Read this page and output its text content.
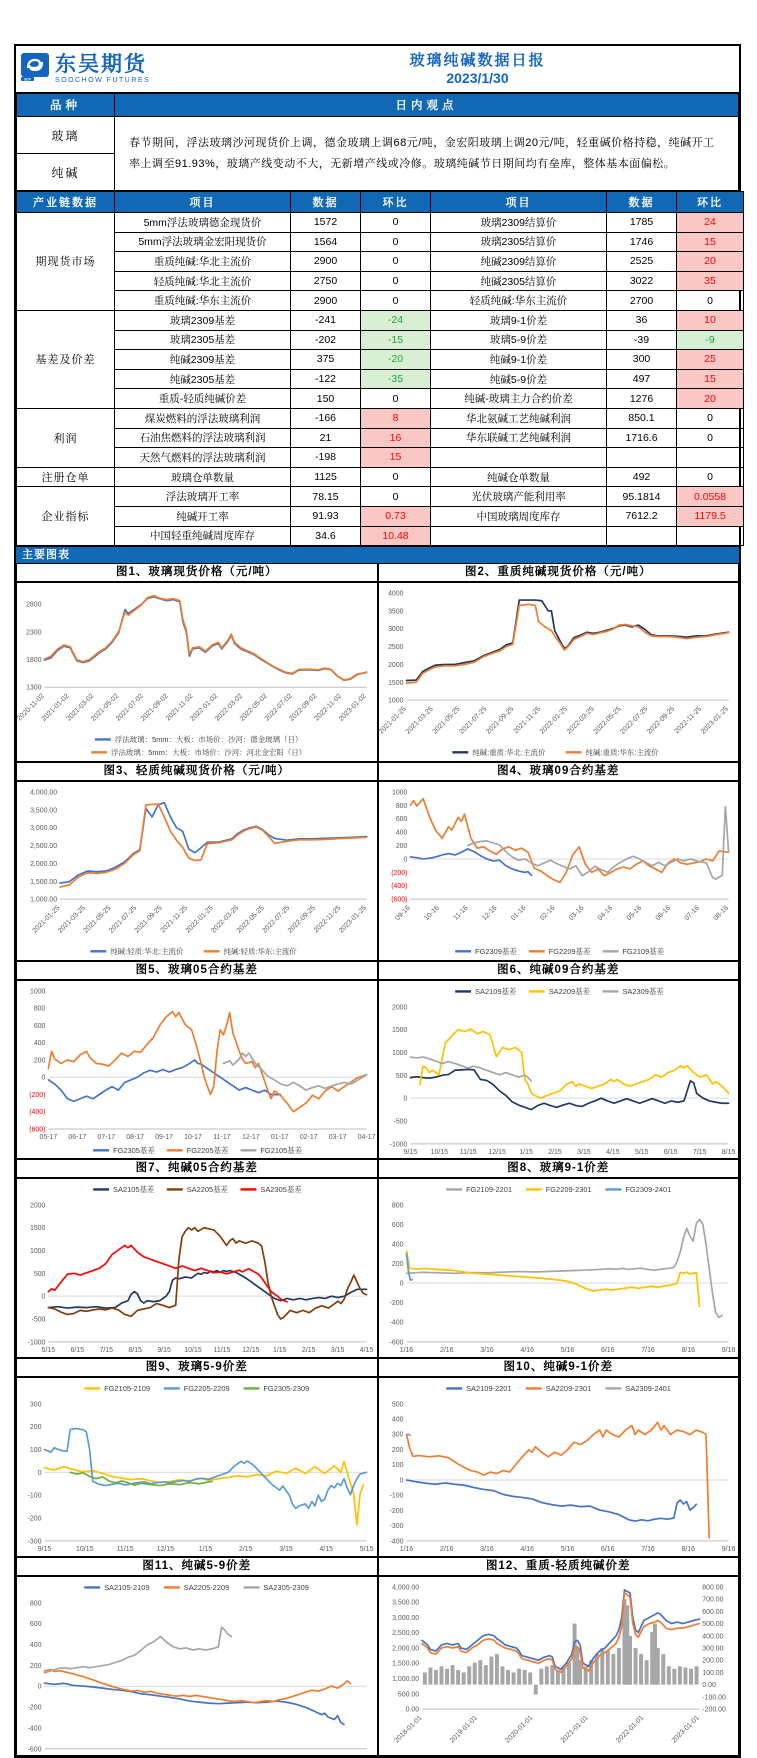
SCF
东吴期货
SOOCHOW FUTURES
玻璃纯碱数据日报
2023/1/30
品种	日内观点
玻璃	春节期间，浮法玻璃沙河现货价上调，德金玻璃上调68元/吨，金宏阳玻璃上调20元/吨，轻重碱价格持稳，纯碱开工率上调至91.93%，玻璃产线变动不大，无新增产线或冷修。玻璃纯碱节日期间均有垒库，整体基本面偏松。
纯碱	
产业链数据	项目	数据	环比	项目	数据	环比
期现货市场	5mm浮法玻璃德金现货价	1572	0	玻璃2309结算价	1785	24
	5mm浮法玻璃金宏阳现货价	1564	0	玻璃2305结算价	1746	15
	重质纯碱:华北主流价	2900	0	纯碱2309结算价	2525	20
	轻质纯碱:华北主流价	2750	0	纯碱2305结算价	3022	35
	重质纯碱:华东主流价	2900	0	轻质纯碱:华东主流价	2700	0
基差及价差	玻璃2309基差	-241	-24	玻璃9-1价差	36	10
	玻璃2305基差	-202	-15	玻璃5-9价差	-39	-9
	纯碱2309基差	375	-20	纯碱9-1价差	300	25
	纯碱2305基差	-122	-35	纯碱5-9价差	497	15
	重质-轻质纯碱价差	150	0	纯碱-玻璃主力合约价差	1276	20
利润	煤炭燃料的浮法玻璃利润	-166	8	华北氨碱工艺纯碱利润	850.1	0
	石油焦燃料的浮法玻璃利润	21	16	华东联碱工艺纯碱利润	1716.6	0
	天然气燃料的浮法玻璃利润	-198	15			
注册仓单	玻璃仓单数量	1125	0	纯碱仓单数量	492	0
企业指标	浮法玻璃开工率	78.15	0	光伏玻璃产能利用率	95.1814	0.0558
	纯碱开工率	91.93	0.73	中国玻璃周度库存	7612.2	1179.5
	中国轻重纯碱周度库存	34.6	10.48			
主要图表
图1、玻璃现货价格（元/吨）
1300
1800
2300
2800
2020-11-02
2021-01-02
2021-03-02
2021-05-02
2021-07-02
2021-09-02
2021-11-02
2022-01-02
2022-03-02
2022-05-02
2022-07-02
2022-09-02
2022-11-02
2023-01-02
浮法玻璃：5mm：大板：市场价：沙河：德金玻璃（日）
浮法玻璃：5mm：大板：市场价：沙河：河北金宏阳（日）
图2、重质纯碱现货价格（元/吨）
1000
1500
2000
2500
3000
3500
4000
2021-01-25
2021-03-25
2021-05-25
2021-07-25
2021-09-25
2021-11-25
2022-01-25
2022-03-25
2022-05-25
2022-07-25
2022-09-25
2022-11-25
2023-01-25
纯碱:重质:华北:主流价	纯碱:重质:华东:主流价
图3、轻质纯碱现货价格（元/吨）
1,000.00
1,500.00
2,000.00
2,500.00
3,000.00
3,500.00
4,000.00
2021-01-25
2021-03-25
2021-05-25
2021-07-25
2021-09-25
2021-11-25
2022-01-25
2022-03-25
2022-05-25
2022-07-25
2022-09-25
2022-11-25
2023-01-25
纯碱:轻质:华北:主流价	纯碱:轻质:华东:主流价
图4、玻璃09合约基差
(600)
(400)
(200)
0
200
400
600
800
1000
09-16 10-16 11-16 12-16 01-16 02-16 03-16 04-16 05-16 06-16 07-16 08-16
FG2309基差	FG2209基差	FG2109基差
图5、玻璃05合约基差
(600)
(400)
(200)
0
200
400
600
800
1000
05-17 06-17 07-17 08-17 09-17 10-17 11-17 12-17 01-17 02-17 03-17 04-17
FG2305基差	FG2205基差	FG2105基差
图6、纯碱09合约基差
-1000
-500
0
500
1000
1500
2000
9/15 10/15 11/15 12/15 1/15 2/15 3/15 4/15 5/15 6/15 7/15 8/15
SA2109基差	SA2209基差	SA2309基差
图7、纯碱05合约基差
-1000
-500
0
500
1000
1500
2000
5/15 6/15 7/15 8/15 9/15 10/15 11/15 12/15 1/15 2/15 3/15 4/15
SA2105基差	SA2205基差	SA2305基差
图8、玻璃9-1价差
-600
-400
-200
0
200
400
600
800
1/16	2/16	3/16	4/16	5/16	6/16	7/16	8/16	9/16
FG2109-2201	FG2209-2301	FG2309-2401
图9、玻璃5-9价差
-300
-200
-100
0
100
200
300
9/15	10/15	11/15	12/15	1/15	2/15	3/15	4/15	5/15
FG2105-2109	FG2205-2209	FG2305-2309
图10、纯碱9-1价差
-400
-300
-200
-100
0
100
200
300
400
500
1/16	2/16	3/16	4/16	5/16	6/16	7/16	8/16	9/16
SA2109-2201	SA2209-2301	SA2309-2401
图11、纯碱5-9价差
-600
-400
-200
0
200
400
600
800
SA2105-2109	SA2205-2209	SA2305-2309
图12、重质-轻质纯碱价差
0.00
500.00
1,000.00
1,500.00
2,000.00
2,500.00
3,000.00
3,500.00
4,000.00
-200.00
-100.00
0.00
100.00
200.00
300.00
400.00
500.00
600.00
700.00
800.00
2018-01-01	2019-01-01	2020-01-01	2021-01-01	2022-01-01	2023-01-01
